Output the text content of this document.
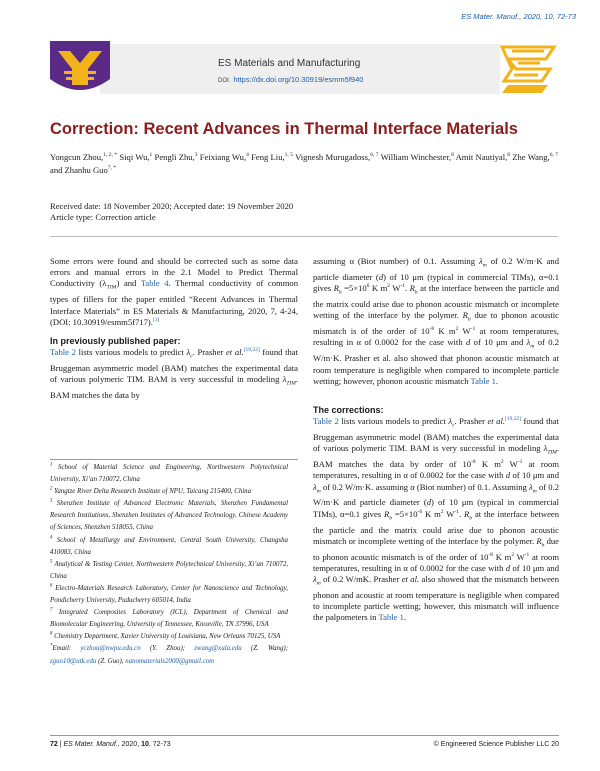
ES Mater. Manuf., 2020, 10, 72-73
ES Materials and Manufacturing
DOI: https://dx.doi.org/10.30919/esmm5f940
Correction: Recent Advances in Thermal Interface Materials
Yongcun Zhou,$^{1, 2, *}$ Siqi Wu,$^1$ Pengli Zhu,$^3$ Feixiang Wu,$^4$ Feng Liu,$^{1, 5}$ Vignesh Murugadoss,$^{6, 7}$ William Winchester,$^8$ Amit Nautiyal,$^8$ Zhe Wang,$^{6, 7}$ and Zhanhu Guo$^{7, *}$
Received date: 18 November 2020; Accepted date: 19 November 2020
Article type: Correction article

Some errors were found and should be corrected such as some data errors and manual errors in the 2.1 Model to Predict Thermal Conductivity $(\lambda_{TIM})$ and Table 4. Thermal conductivity of common types of fillers for the paper entitled “Recent Advances in Thermal Interface Materials” in ES Materials & Manufacturing, 2020, 7, 4-24, (DOI: 10.30919/esmm5f717).[1]

In previously published paper:

Table 2 lists various models to predict $\lambda_c$. Prasher et al.[19,22] found that Bruggeman asymmetric model (BAM) matches the experimental data of various polymeric TIM. BAM is very successful in modeling $\lambda_{TIM}$. BAM matches the data by

$^1$ School of Material Science and Engineering, Northwestern Polytechnical University, Xi’an 710072, China

$^2$ Yangtze River Delta Research Institute of NPU, Taicang 215400, China

$^3$ Shenzhen Institute of Advanced Electronic Materials, Shenzhen Fundamental Research Institutions, Shenzhen Institutes of Advanced Technology, Chinese Academy of Sciences, Shenzhen 518055, China

$^4$ School of Metallurgy and Environment, Central South University, Changsha 410083, China

$^5$ Analytical & Testing Center, Northwestern Polytechnical University, Xi’an 710072, China

$^6$ Electro-Materials Research Laboratory, Center for Nanoscience and Technology, Pondicherry University, Puducherry 605014, India

$^7$ Integrated Composites Laboratory (ICL), Department of Chemical and Biomolecular Engineering, University of Tennessee, Knoxville, TN 37996, USA

$^8$ Chemistry Department, Xavier University of Louisiana, New Orleans 70125, USA

*Email: yczhou@nwpu.edu.cn (Y. Zhou); zwang@xula.edu (Z. Wang); zguo10@utk.edu (Z. Guo), nanomaterials2000@gmail.com

assuming α (Biot number) of 0.1. Assuming $\lambda_m$ of 0.2 W/m·K and particle diameter (d) of 10 μm (typical in commercial TIMs), α=0.1 gives $R_b =5\times 10^6$ K $m^2$ $W^{-1}$. $R_b$ at the interface between the particle and the matrix could arise due to phonon acoustic mismatch or incomplete wetting of the interface by the polymer. $R_b$ due to phonon acoustic mismatch is of the order of $10^{-8}$ K $m^2$ $W^{-1}$ at room temperatures, resulting in α of 0.0002 for the case with d of 10 μm and $\lambda_m$ of 0.2 W/m·K. Prasher et al. also showed that phonon acoustic mismatch at room temperature is negligible when compared to incomplete particle wetting; however, phonon acoustic mismatch Table 1.

The corrections:

Table 2 lists various models to predict $\lambda_c$. Prasher et al.[19,22] found that Bruggeman asymmetric model (BAM) matches the experimental data of various polymeric TIM. BAM is very successful in modeling $\lambda_{TIM}$. BAM matches the data by order of $10^{-8}$ K $m^2$ $W^{-1}$ at room temperatures, resulting in α of 0.0002 for the case with d of 10 μm and $\lambda_m$ of 0.2 W/m·K. assuming α (Biot number) of 0.1. Assuming $\lambda_m$ of 0.2 W/m·K and particle diameter (d) of 10 μm (typical in commercial TIMs), α=0.1 gives $R_b =5\times 10^{-6}$ K $m^2$ $W^{-1}$. $R_b$ at the interface between the particle and the matrix could arise due to phonon acoustic mismatch or incomplete wetting of the interface by the polymer. $R_b$ due to phonon acoustic mismatch is of the order of $10^{-8}$ K $m^2$ $W^{-1}$ at room temperatures, resulting in α of 0.0002 for the case with d of 10 μm and $\lambda_m$ of 0.2 W/mK. Prasher et al. also showed that the mismatch between phonon and acoustic at room temperature is negligible when compared to incomplete particle wetting; however, this mismatch will influence the palpometers in Table 1.

72 | ES Mater. Manuf., 2020, 10, 72-73	© Engineered Science Publisher LLC 20
